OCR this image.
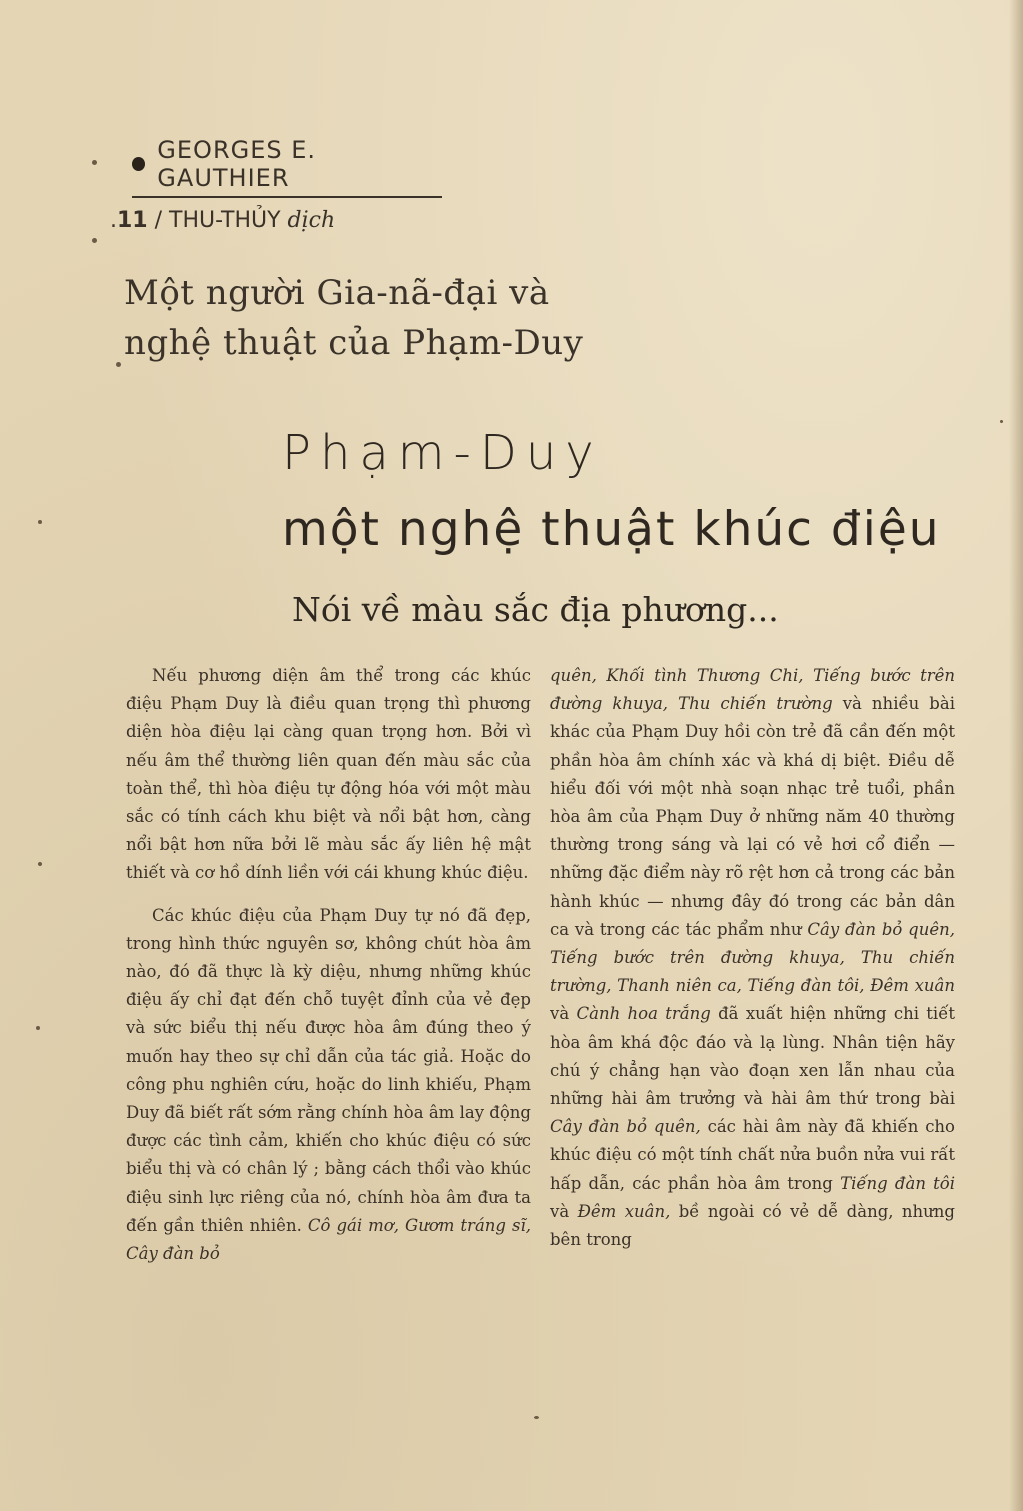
GEORGES E. GAUTHIER
.11 / THU-THỦY dịch
Một người Gia-nã-đại và
nghệ thuật của Phạm-Duy
Phạm-Duy
một nghệ thuật khúc điệu
Nói về màu sắc địa phương...

Nếu phương diện âm thể trong các khúc điệu Phạm Duy là điều quan trọng thì phương diện hòa điệu lại càng quan trọng hơn. Bởi vì nếu âm thể thường liên quan đến màu sắc của toàn thể, thì hòa điệu tự động hóa với một màu sắc có tính cách khu biệt và nổi bật hơn, càng nổi bật hơn nữa bởi lẽ màu sắc ấy liên hệ mật thiết và cơ hồ dính liền với cái khung khúc điệu.

Các khúc điệu của Phạm Duy tự nó đã đẹp, trong hình thức nguyên sơ, không chút hòa âm nào, đó đã thực là kỳ diệu, nhưng những khúc điệu ấy chỉ đạt đến chỗ tuyệt đỉnh của vẻ đẹp và sức biểu thị nếu được hòa âm đúng theo ý muốn hay theo sự chỉ dẫn của tác giả. Hoặc do công phu nghiên cứu, hoặc do linh khiếu, Phạm Duy đã biết rất sớm rằng chính hòa âm lay động được các tình cảm, khiến cho khúc điệu có sức biểu thị và có chân lý ; bằng cách thổi vào khúc điệu sinh lực riêng của nó, chính hòa âm đưa ta đến gần thiên nhiên. Cô gái mơ, Gươm tráng sĩ, Cây đàn bỏ

quên, Khối tình Thương Chi, Tiếng bước trên đường khuya, Thu chiến trường và nhiều bài khác của Phạm Duy hồi còn trẻ đã cần đến một phần hòa âm chính xác và khá dị biệt. Điều dễ hiểu đối với một nhà soạn nhạc trẻ tuổi, phần hòa âm của Phạm Duy ở những năm 40 thường thường trong sáng và lại có vẻ hơi cổ điển — những đặc điểm này rõ rệt hơn cả trong các bản hành khúc — nhưng đây đó trong các bản dân ca và trong các tác phẩm như Cây đàn bỏ quên, Tiếng bước trên đường khuya, Thu chiến trường, Thanh niên ca, Tiếng đàn tôi, Đêm xuân và Cành hoa trắng đã xuất hiện những chi tiết hòa âm khá độc đáo và lạ lùng. Nhân tiện hãy chú ý chẳng hạn vào đoạn xen lẫn nhau của những hài âm trưởng và hài âm thứ trong bài Cây đàn bỏ quên, các hài âm này đã khiến cho khúc điệu có một tính chất nửa buồn nửa vui rất hấp dẫn, các phần hòa âm trong Tiếng đàn tôi và Đêm xuân, bề ngoài có vẻ dễ dàng, nhưng bên trong
